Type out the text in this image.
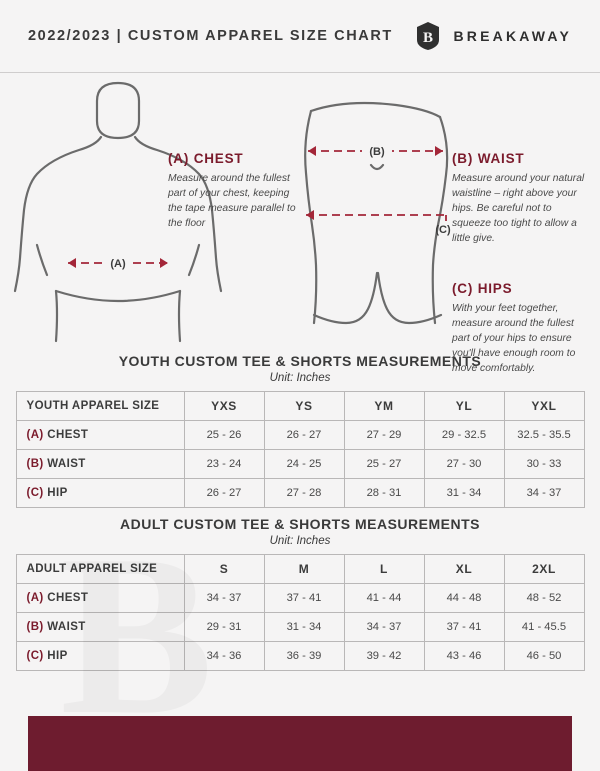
2022/2023 | CUSTOM APPAREL SIZE CHART B BREAKAWAY
(A)
(B)
(C)
(A) CHEST
Measure around the fullest part of your chest, keeping the tape measure parallel to the floor
(B) WAIST
Measure around your natural waistline – right above your hips. Be careful not to squeeze too tight to allow a little give.
(C) HIPS
With your feet together, measure around the fullest part of your hips to ensure you'll have enough room to move comfortably.
YOUTH CUSTOM TEE & SHORTS MEASUREMENTS
Unit: Inches
YOUTH APPAREL SIZE	YXS	YS	YM	YL	YXL
(A) CHEST	25 - 26	26 - 27	27 - 29	29 - 32.5	32.5 - 35.5
(B) WAIST	23 - 24	24 - 25	25 - 27	27 - 30	30 - 33
(C) HIP	26 - 27	27 - 28	28 - 31	31 - 34	34 - 37
ADULT CUSTOM TEE & SHORTS MEASUREMENTS
Unit: Inches
ADULT APPAREL SIZE	S	M	L	XL	2XL
(A) CHEST	34 - 37	37 - 41	41 - 44	44 - 48	48 - 52
(B) WAIST	29 - 31	31 - 34	34 - 37	37 - 41	41 - 45.5
(C) HIP	34 - 36	36 - 39	39 - 42	43 - 46	46 - 50
